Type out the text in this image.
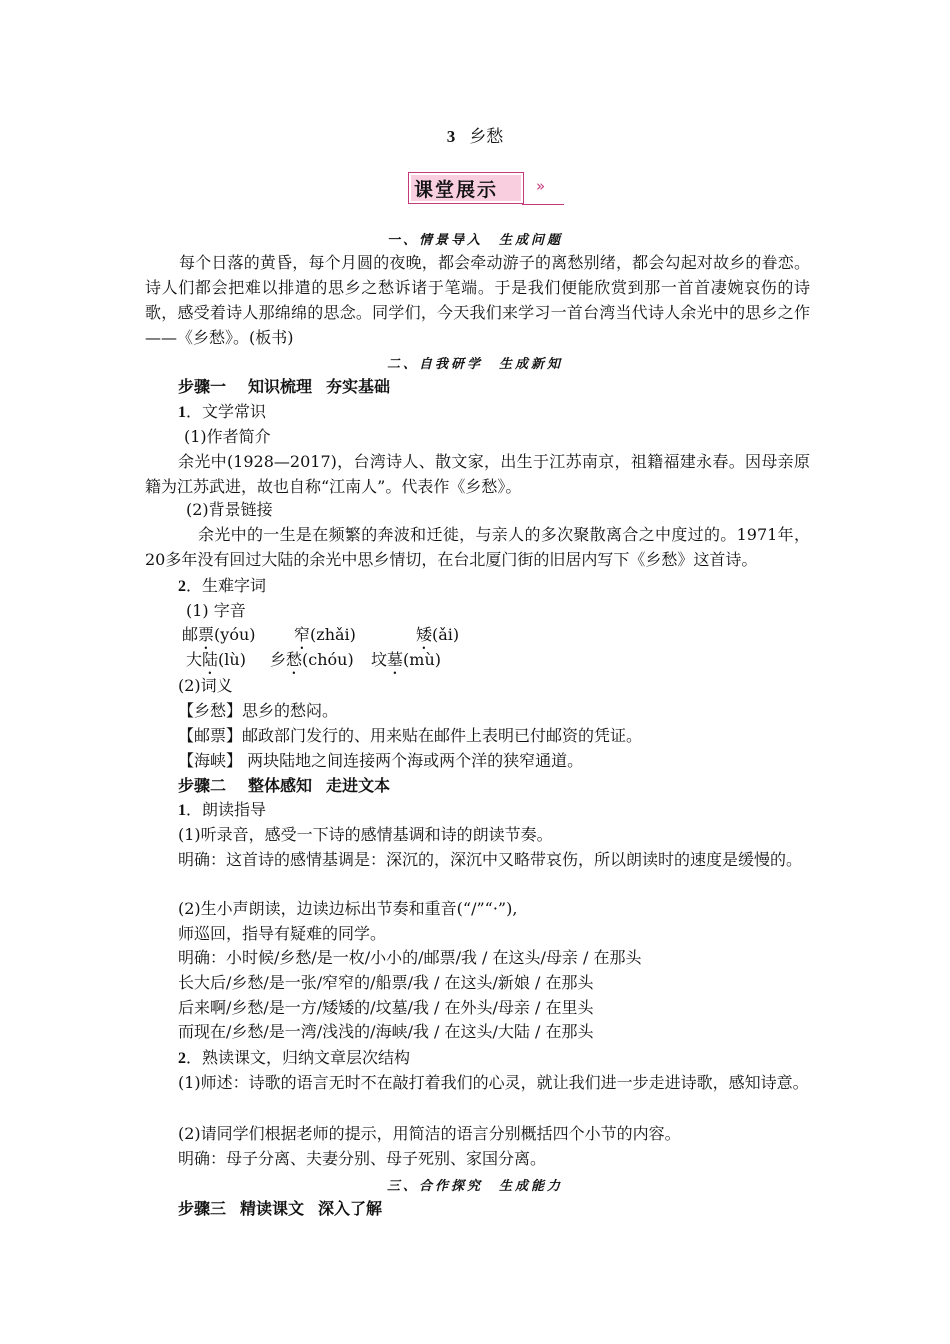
3 乡愁
课堂展示	»
一、情景导入　生成问题
每个日落的黄昏，每个月圆的夜晚，都会牵动游子的离愁别绪，都会勾起对故乡的眷恋。诗人们都会把难以排遣的思乡之愁诉诸于笔端。于是我们便能欣赏到那一首首凄婉哀伤的诗歌，感受着诗人那绵绵的思念。同学们，今天我们来学习一首台湾当代诗人余光中的思乡之作——《乡愁》。(板书)
二、自我研学　生成新知
步骤一 知识梳理 夯实基础
1．文学常识
(1)作者简介
余光中(1928—2017)，台湾诗人、散文家，出生于江苏南京，祖籍福建永春。因母亲原籍为江苏武进，故也自称“江南人”。代表作《乡愁》。
(2)背景链接
余光中的一生是在频繁的奔波和迁徙，与亲人的多次聚散离合之中度过的。1971年，20多年没有回过大陆的余光中思乡情切，在台北厦门街的旧居内写下《乡愁》这首诗。
2．生难字词
(1) 字音
邮票(yóu) 窄(zhǎi)	矮(ǎi)
大陆(lù) 乡愁(chóu) 坟墓(mù)
(2)词义
【乡愁】思乡的愁闷。
【邮票】邮政部门发行的、用来贴在邮件上表明已付邮资的凭证。
【海峡】 两块陆地之间连接两个海或两个洋的狭窄通道。
步骤二 整体感知 走进文本
1．朗读指导
(1)听录音，感受一下诗的感情基调和诗的朗读节奏。
明确：这首诗的感情基调是：深沉的，深沉中又略带哀伤，所以朗读时的速度是缓慢的。
(2)生小声朗读，边读边标出节奏和重音(“/”“·”),
师巡回，指导有疑难的同学。
明确：小时候/乡愁/是一枚/小小的/邮票/我 / 在这头/母亲 / 在那头
长大后/乡愁/是一张/窄窄的/船票/我 / 在这头/新娘 / 在那头
后来啊/乡愁/是一方/矮矮的/坟墓/我 / 在外头/母亲 / 在里头
而现在/乡愁/是一湾/浅浅的/海峡/我 / 在这头/大陆 / 在那头
2．熟读课文，归纳文章层次结构
(1)师述：诗歌的语言无时不在敲打着我们的心灵，就让我们进一步走进诗歌，感知诗意。
(2)请同学们根据老师的提示，用简洁的语言分别概括四个小节的内容。
明确：母子分离、夫妻分别、母子死别、家国分离。
三、合作探究　生成能力
步骤三 精读课文 深入了解
